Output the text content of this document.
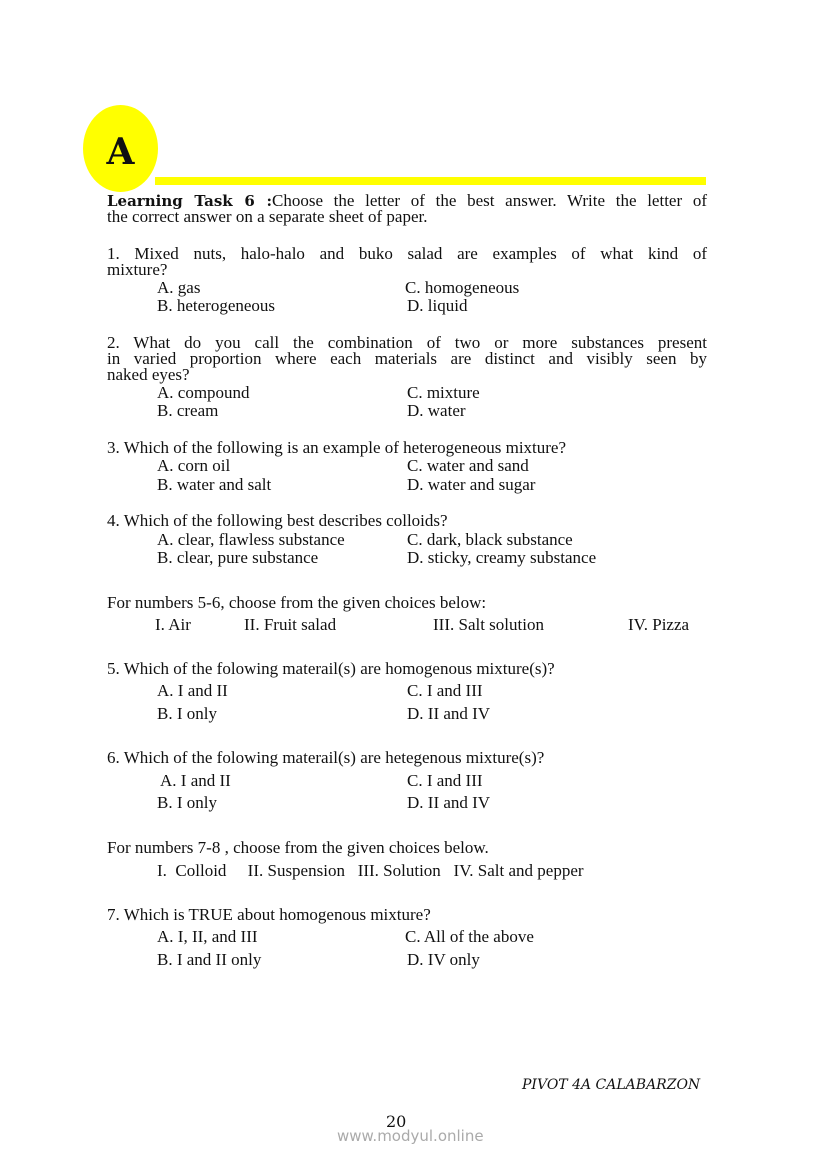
A
Learning Task 6 :Choose the letter of the best answer. Write the letter of
the correct answer on a separate sheet of paper.
1. Mixed nuts, halo-halo and buko salad are examples of what kind of
mixture?
A. gas
B. heterogeneous
C. homogeneous
D. liquid
2. What do you call the combination of two or more substances present
in varied proportion where each materials are distinct and visibly seen by
naked eyes?
A. compound
B. cream
C. mixture
D. water
3. Which of the following is an example of heterogeneous mixture?
A. corn oil
B. water and salt
C. water and sand
D. water and sugar
4. Which of the following best describes colloids?
A. clear, flawless substance
B. clear, pure substance
C. dark, black substance
D. sticky, creamy substance
For numbers 5-6, choose from the given choices below:
I. Air	II. Fruit salad	III. Salt solution	IV. Pizza
5. Which of the folowing materail(s) are homogenous mixture(s)?
A. I and II
B. I only
C. I and III
D. II and IV
6. Which of the folowing materail(s) are hetegenous mixture(s)?
A. I and II
B. I only
C. I and III
D. II and IV
For numbers 7-8 , choose from the given choices below.
I.  Colloid     II. Suspension   III. Solution   IV. Salt and pepper
7. Which is TRUE about homogenous mixture?
A. I, II, and III
B. I and II only
C. All of the above
D. IV only
PIVOT 4A CALABARZON
20
www.modyul.online
